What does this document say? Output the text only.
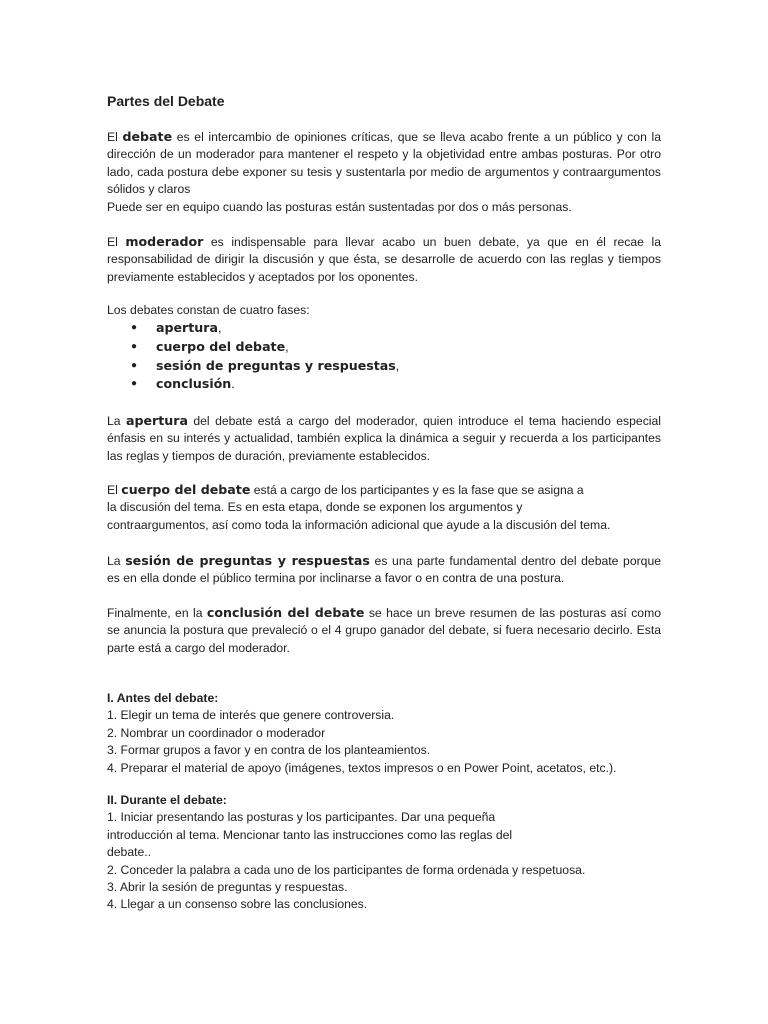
Partes del Debate

El debate es el intercambio de opiniones críticas, que se lleva acabo frente a un público y con la dirección de un moderador para mantener el respeto y la objetividad entre ambas posturas. Por otro lado, cada postura debe exponer su tesis y sustentarla por medio de argumentos y contraargumentos sólidos y claros

Puede ser en equipo cuando las posturas están sustentadas por dos o más personas.

El moderador es indispensable para llevar acabo un buen debate, ya que en él recae la responsabilidad de dirigir la discusión y que ésta, se desarrolle de acuerdo con las reglas y tiempos previamente establecidos y aceptados por los oponentes.

Los debates constan de cuatro fases:

● apertura,
● cuerpo del debate,
● sesión de preguntas y respuestas,
● conclusión.

La apertura del debate está a cargo del moderador, quien introduce el tema haciendo especial énfasis en su interés y actualidad, también explica la dinámica a seguir y recuerda a los participantes las reglas y tiempos de duración, previamente establecidos.

El cuerpo del debate está a cargo de los participantes y es la fase que se asigna a
la discusión del tema. Es en esta etapa, donde se exponen los argumentos y
contraargumentos, así como toda la información adicional que ayude a la discusión del tema.

La sesión de preguntas y respuestas es una parte fundamental dentro del debate porque es en ella donde el público termina por inclinarse a favor o en contra de una postura.

Finalmente, en la conclusión del debate se hace un breve resumen de las posturas así como se anuncia la postura que prevaleció o el 4 grupo ganador del debate, si fuera necesario decirlo. Esta parte está a cargo del moderador.

I. Antes del debate:

1. Elegir un tema de interés que genere controversia.
2. Nombrar un coordinador o moderador
3. Formar grupos a favor y en contra de los planteamientos.
4. Preparar el material de apoyo (imágenes, textos impresos o en Power Point, acetatos, etc.).

II. Durante el debate:

1. Iniciar presentando las posturas y los participantes. Dar una pequeña
introducción al tema. Mencionar tanto las instrucciones como las reglas del
debate..
2. Conceder la palabra a cada uno de los participantes de forma ordenada y respetuosa.
3. Abrir la sesión de preguntas y respuestas.
4. Llegar a un consenso sobre las conclusiones.
